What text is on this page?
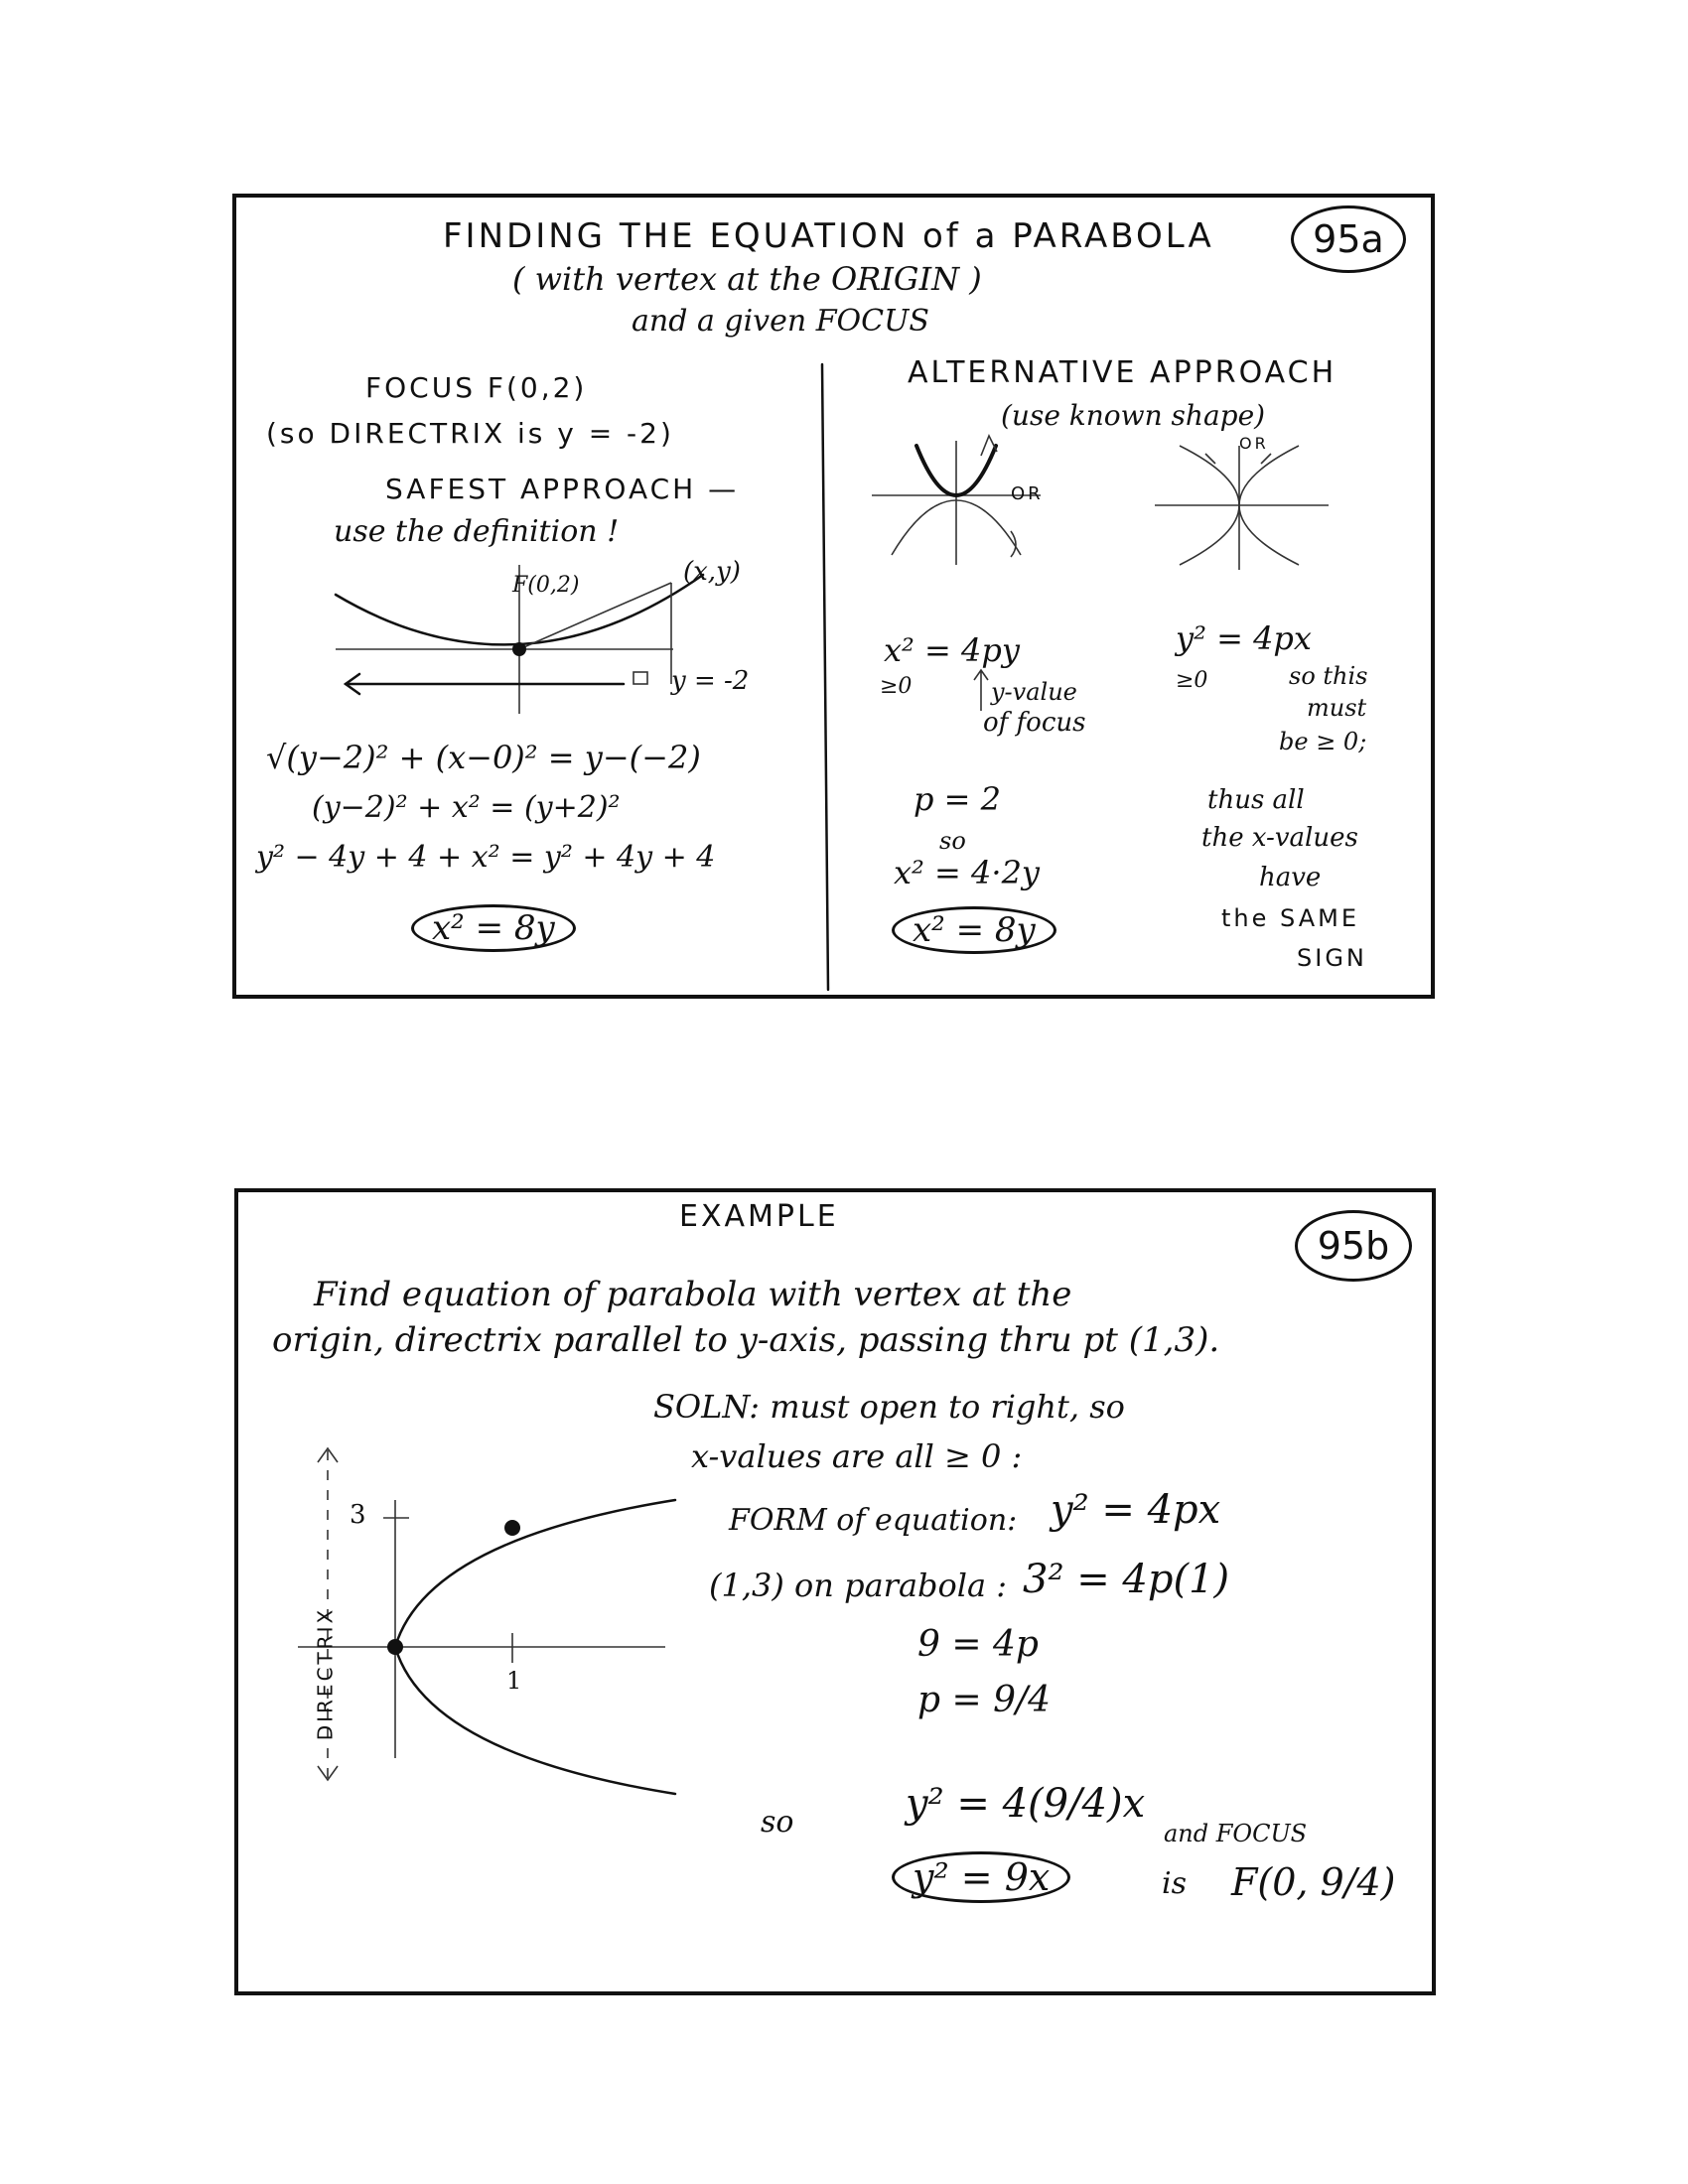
FINDING THE EQUATION of a PARABOLA
( with vertex at the ORIGIN )
and a given FOCUS
95a
FOCUS F(0,2)
(so DIRECTRIX is y = -2)
SAFEST APPROACH —
use the definition !
F(0,2)	(x,y)
y = -2
√(y−2)² + (x−0)² = y−(−2)
(y−2)² + x² = (y+2)²
y² − 4y + 4 + x² = y² + 4y + 4
x² = 8y
ALTERNATIVE APPROACH
(use known shape)
OR
OR
x² = 4py
≥0	y-value
of focus
y² = 4px
≥0	so this
must
be ≥ 0;
p = 2
so
x² = 4·2y
x² = 8y
thus all
the x-values
have
the SAME
SIGN
EXAMPLE
95b
Find equation of parabola with vertex at the
origin, directrix parallel to y-axis, passing thru pt (1,3).
DIRECTRIX
3
1
SOLN: must open to right, so
x-values are all ≥ 0 :
FORM of equation: y² = 4px
(1,3) on parabola : 3² = 4p(1)
9 = 4p
p = 9/4
so	y² = 4(9/4)x
y² = 9x
and FOCUS
is F(0, 9/4)
